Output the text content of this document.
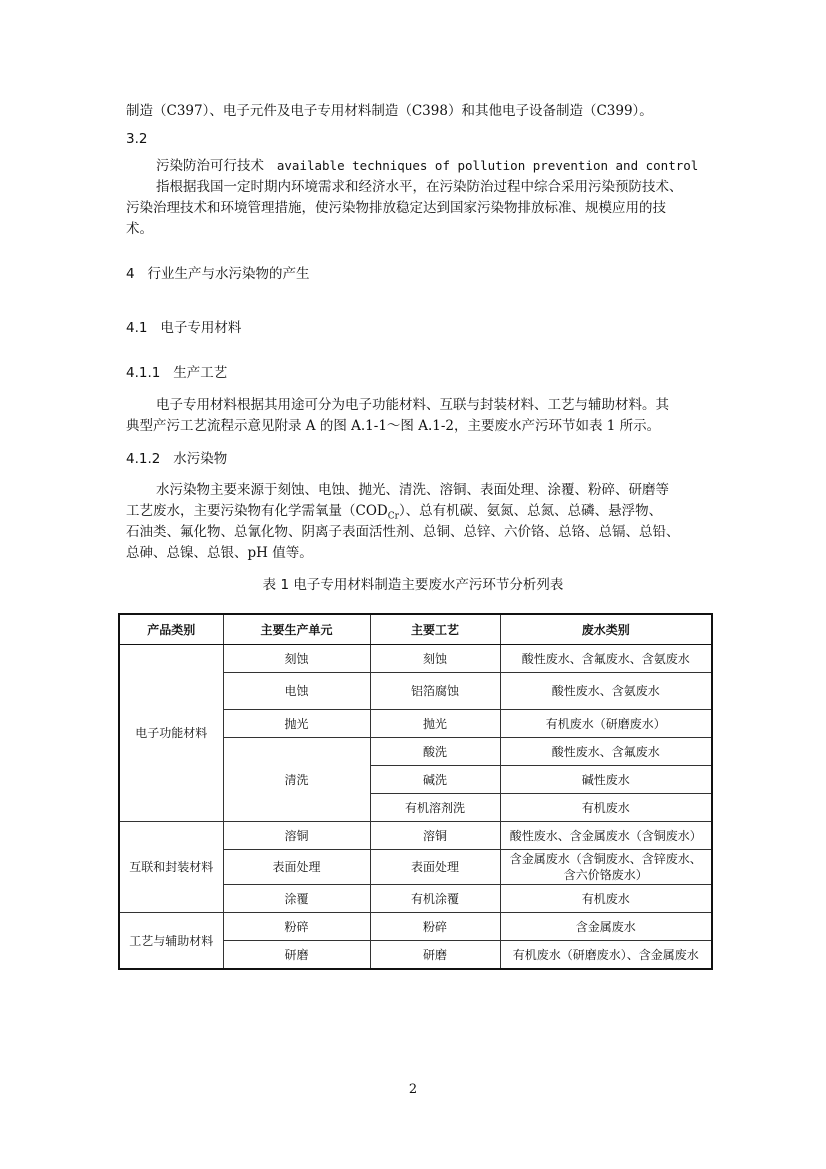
制造（C397）、电子元件及电子专用材料制造（C398）和其他电子设备制造（C399）。
3.2
污染防治可行技术 available techniques of pollution prevention and control
指根据我国一定时期内环境需求和经济水平，在污染防治过程中综合采用污染预防技术、
污染治理技术和环境管理措施，使污染物排放稳定达到国家污染物排放标准、规模应用的技
术。
4 行业生产与水污染物的产生
4.1 电子专用材料
4.1.1 生产工艺
电子专用材料根据其用途可分为电子功能材料、互联与封装材料、工艺与辅助材料。其
典型产污工艺流程示意见附录 A 的图 A.1-1～图 A.1-2，主要废水产污环节如表 1 所示。
4.1.2 水污染物
水污染物主要来源于刻蚀、电蚀、抛光、清洗、溶铜、表面处理、涂覆、粉碎、研磨等
工艺废水，主要污染物有化学需氧量$(COD_{Cr})$、总有机碳、氨氮、总氮、总磷、悬浮物、
石油类、氟化物、总氰化物、阴离子表面活性剂、总铜、总锌、六价铬、总铬、总镉、总铅、
总砷、总镍、总银、pH 值等。
表 1 电子专用材料制造主要废水产污环节分析列表
产品类别	主要生产单元	主要工艺	废水类别
电子功能材料	刻蚀	刻蚀	酸性废水、含氟废水、含氨废水
	电蚀	铝箔腐蚀	酸性废水、含氨废水
	抛光	抛光	有机废水（研磨废水）
	清洗	酸洗	酸性废水、含氟废水
		碱洗	碱性废水
		有机溶剂洗	有机废水
互联和封装材料	溶铜	溶铜	酸性废水、含金属废水（含铜废水）
	表面处理	表面处理	含金属废水（含铜废水、含锌废水、
含六价铬废水）

	涂覆	有机涂覆	有机废水
工艺与辅助材料	粉碎	粉碎	含金属废水
	研磨	研磨	有机废水（研磨废水）、含金属废水
2
